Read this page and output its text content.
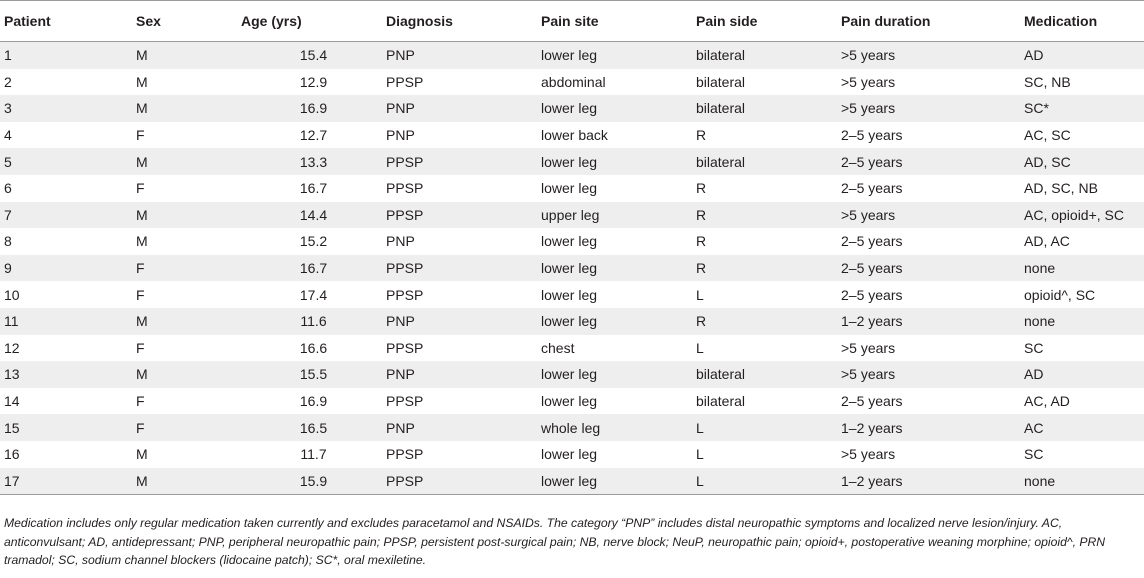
Patient	Sex	Age (yrs)	Diagnosis	Pain site	Pain side	Pain duration	Medication
1	M	15.4	PNP	lower leg	bilateral	>5 years	AD
2	M	12.9	PPSP	abdominal	bilateral	>5 years	SC, NB
3	M	16.9	PNP	lower leg	bilateral	>5 years	SC*
4	F	12.7	PNP	lower back	R	2–5 years	AC, SC
5	M	13.3	PPSP	lower leg	bilateral	2–5 years	AD, SC
6	F	16.7	PPSP	lower leg	R	2–5 years	AD, SC, NB
7	M	14.4	PPSP	upper leg	R	>5 years	AC, opioid+, SC
8	M	15.2	PNP	lower leg	R	2–5 years	AD, AC
9	F	16.7	PPSP	lower leg	R	2–5 years	none
10	F	17.4	PPSP	lower leg	L	2–5 years	opioid^, SC
11	M	11.6	PNP	lower leg	R	1–2 years	none
12	F	16.6	PPSP	chest	L	>5 years	SC
13	M	15.5	PNP	lower leg	bilateral	>5 years	AD
14	F	16.9	PPSP	lower leg	bilateral	2–5 years	AC, AD
15	F	16.5	PNP	whole leg	L	1–2 years	AC
16	M	11.7	PPSP	lower leg	L	>5 years	SC
17	M	15.9	PPSP	lower leg	L	1–2 years	none
Medication includes only regular medication taken currently and excludes paracetamol and NSAIDs. The category “PNP” includes distal neuropathic symptoms and localized nerve lesion/injury. AC, anticonvulsant; AD, antidepressant; PNP, peripheral neuropathic pain; PPSP, persistent post-surgical pain; NB, nerve block; NeuP, neuropathic pain; opioid+, postoperative weaning morphine; opioid^, PRN tramadol; SC, sodium channel blockers (lidocaine patch); SC*, oral mexiletine.
